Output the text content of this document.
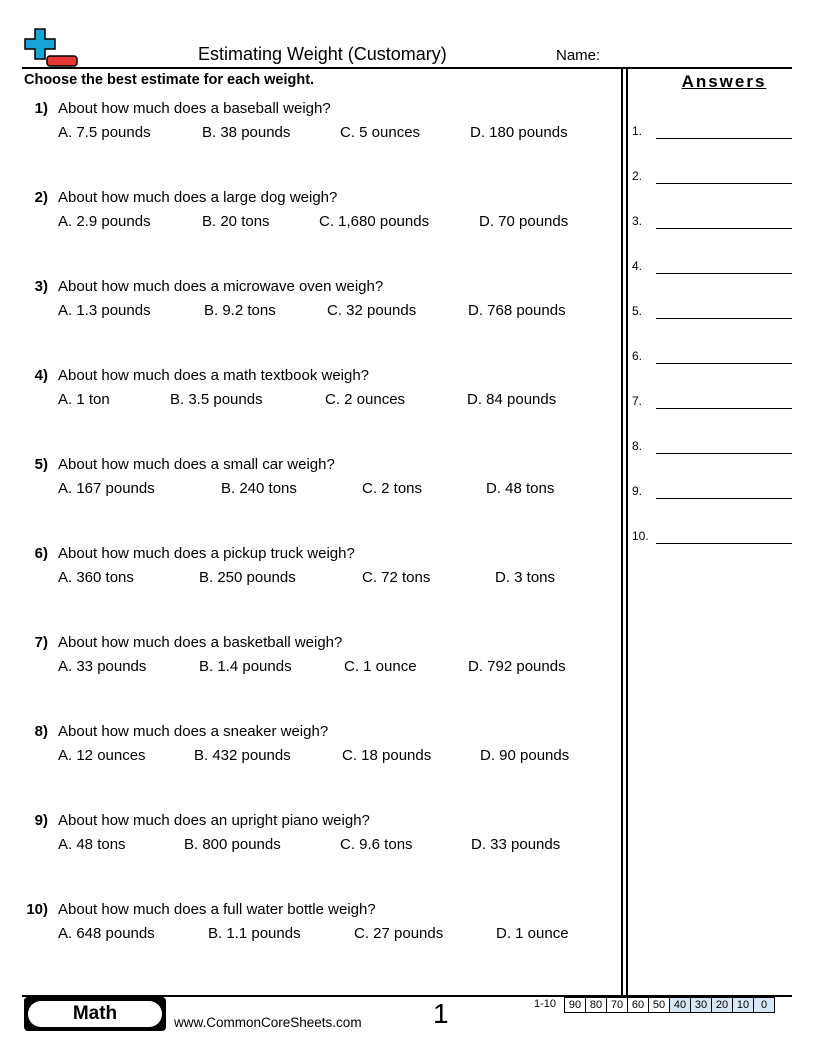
Estimating Weight (Customary)	Name:
Choose the best estimate for each weight.	Answers
1) About how much does a baseball weigh?
A. 7.5 pounds	B. 38 pounds	C. 5 ounces	D. 180 pounds
2) About how much does a large dog weigh?
A. 2.9 pounds	B. 20 tons	C. 1,680 pounds	D. 70 pounds
3) About how much does a microwave oven weigh?
A. 1.3 pounds	B. 9.2 tons	C. 32 pounds	D. 768 pounds
4) About how much does a math textbook weigh?
A. 1 ton	B. 3.5 pounds	C. 2 ounces	D. 84 pounds
5) About how much does a small car weigh?
A. 167 pounds	B. 240 tons	C. 2 tons	D. 48 tons
6) About how much does a pickup truck weigh?
A. 360 tons	B. 250 pounds	C. 72 tons	D. 3 tons
7) About how much does a basketball weigh?
A. 33 pounds	B. 1.4 pounds	C. 1 ounce	D. 792 pounds
8) About how much does a sneaker weigh?
A. 12 ounces	B. 432 pounds	C. 18 pounds	D. 90 pounds
9) About how much does an upright piano weigh?
A. 48 tons	B. 800 pounds	C. 9.6 tons	D. 33 pounds
10) About how much does a full water bottle weigh?
A. 648 pounds	B. 1.1 pounds	C. 27 pounds	D. 1 ounce
1.
2.
3.
4.
5.
6.
7.
8.
9.
10.
Math	www.CommonCoreSheets.com	1	1-10 90	80	70	60	50	40	30	20	10	0
